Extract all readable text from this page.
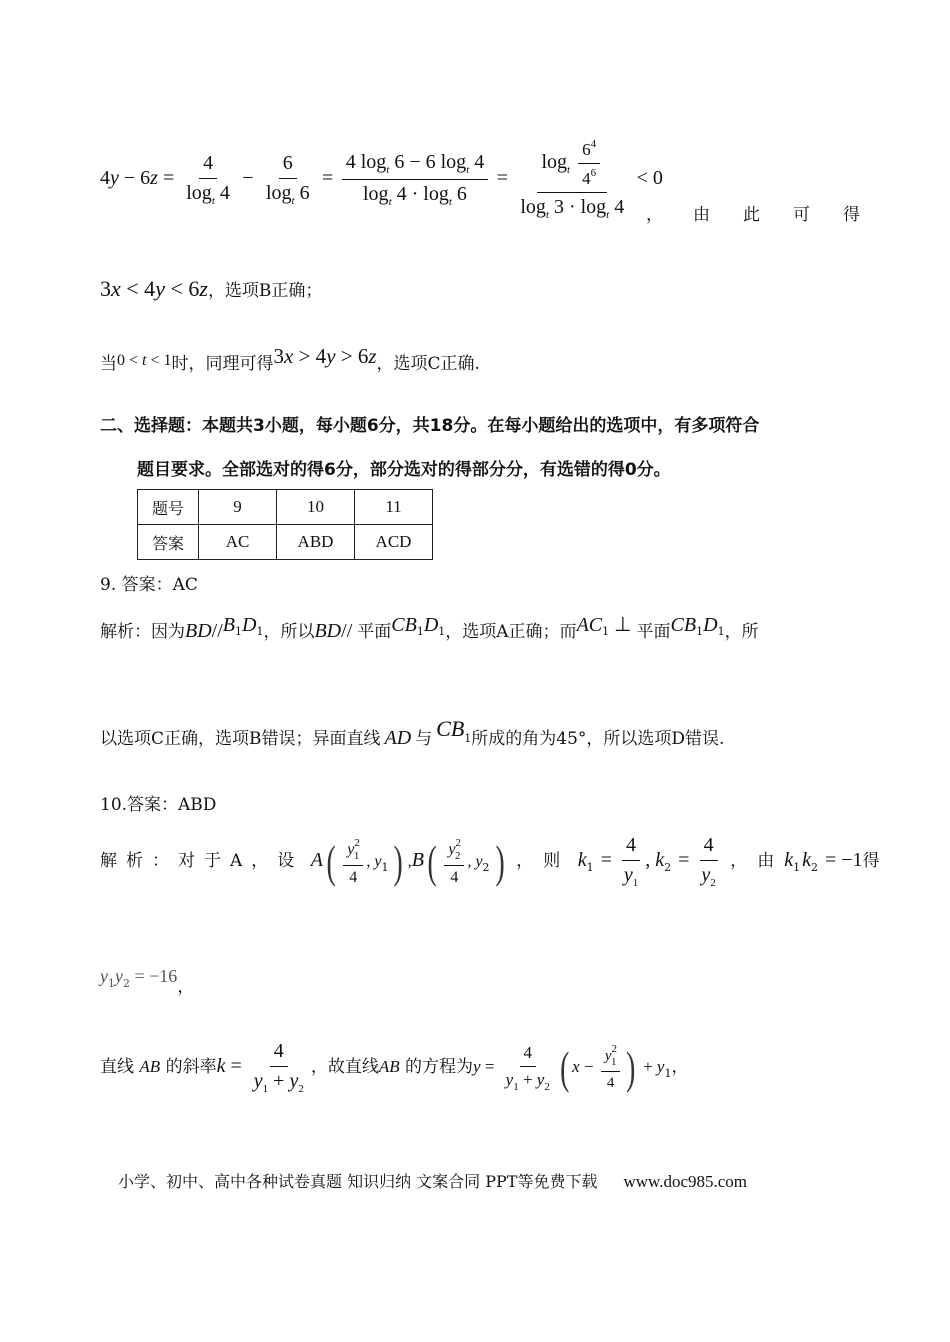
$4y - 6z = \frac{4}{\log_t 4} - \frac{6}{\log_t 6} = \frac{4 \log_t 6 - 6 \log_t 4}{\log_t 4 \cdot \log_t 6} = \frac{\log_t \frac{6^4}{4^6}}{\log_t 3 \cdot \log_t 4} < 0$
， 由此可得
3x < 4y < 6z，选项B正确；
当0 < t < 1时，同理可得3x > 4y > 6z，选项C正确.
二、选择题：本题共3小题，每小题6分，共18分。在每小题给出的选项中，有多项符合
题目要求。全部选对的得6分，部分选对的得部分分，有选错的得0分。
题号	9	10	11
答案	AC	ABD	ACD
9. 答案：AC
解析：因为BD//B1D1，所以BD// 平面CB1D1，选项A正确；而AC1 ⊥ 平面CB1D1，所
以选项C正确，选项B错误；异面直线 AD 与 CB1所成的角为45°，所以选项D错误.
10.答案：ABD
解析：对于A，设 $A( \frac{y^2_1}{4}$ , $y_1$) $,B( \frac{y^2_2}{4}$ , $y_2$) ，则 $k_1 = \frac{4}{y_1}$ , $k_2 = \frac{4}{y_2}$ ，由$k_1k_2 = -1$得
$y_1y_2 = -16$，
直线 AB 的斜率$k = \frac{4}{y_1 + y_2}$ ，故直线AB 的方程为$y = \frac{4}{y_1 + y_2}$ ( $x - \frac{y^2_1}{4}$ ) + $y_1$，
小学、初中、高中各种试卷真题 知识归纳 文案合同 PPT等免费下载 www.doc985.com
